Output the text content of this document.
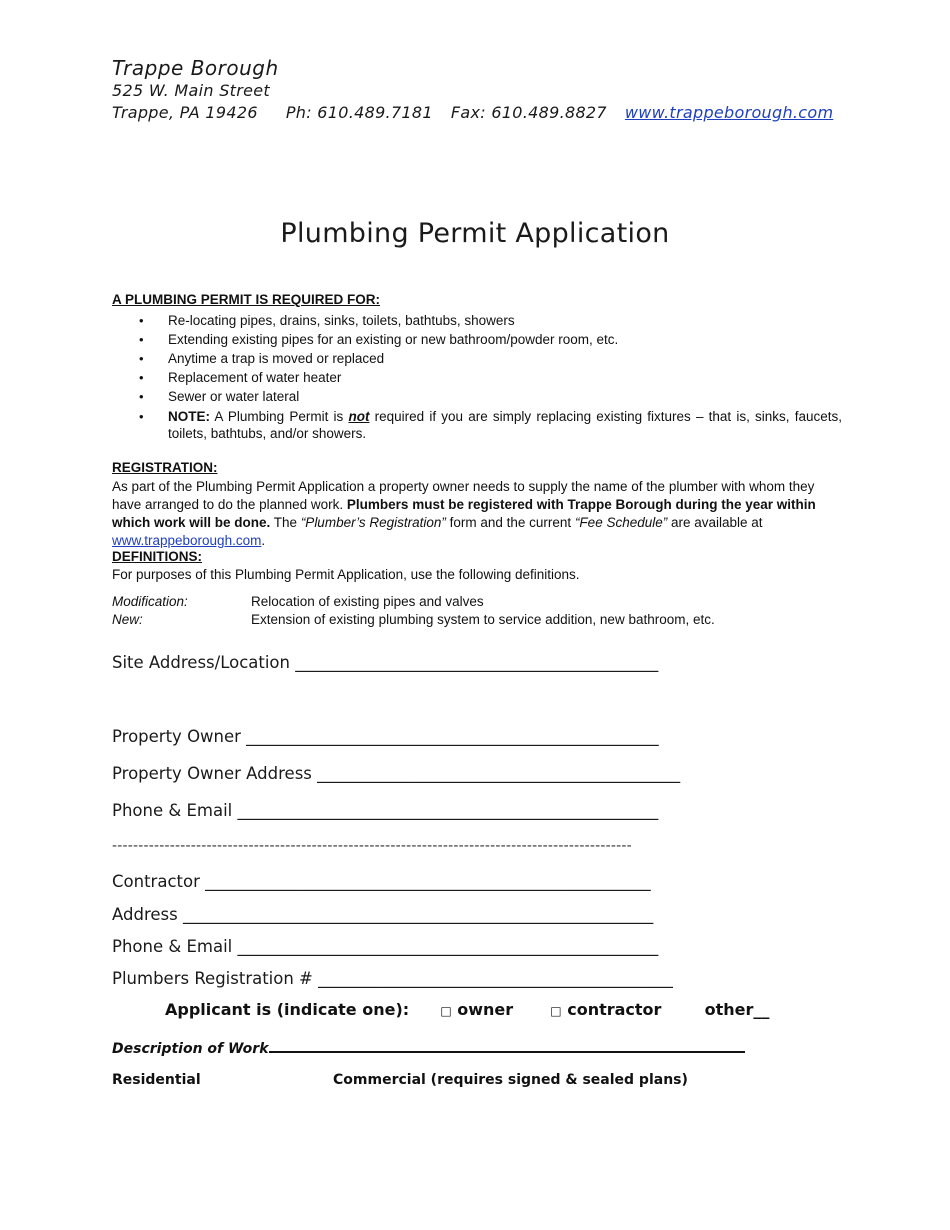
Trappe Borough
525 W. Main Street
Trappe, PA 19426 Ph: 610.489.7181 Fax: 610.489.8827 www.trappeborough.com
Plumbing Permit Application
A PLUMBING PERMIT IS REQUIRED FOR:
• Re-locating pipes, drains, sinks, toilets, bathtubs, showers
• Extending existing pipes for an existing or new bathroom/powder room, etc.
• Anytime a trap is moved or replaced
• Replacement of water heater
• Sewer or water lateral
• NOTE: A Plumbing Permit is not required if you are simply replacing existing fixtures – that is, sinks, faucets, toilets, bathtubs, and/or showers.
REGISTRATION:
As part of the Plumbing Permit Application a property owner needs to supply the name of the plumber with whom they have arranged to do the planned work. Plumbers must be registered with Trappe Borough during the year within which work will be done. The “Plumber’s Registration” form and the current “Fee Schedule” are available at www.trappeborough.com.
DEFINITIONS:
For purposes of this Plumbing Permit Application, use the following definitions.
Modification:	Relocation of existing pipes and valves
New:	Extension of existing plumbing system to service addition, new bathroom, etc.
Site Address/Location ____________________________________________
Property Owner __________________________________________________
Property Owner Address ____________________________________________
Phone & Email ___________________________________________________
---------------------------------------------------------------------------------------------------
Contractor ______________________________________________________
Address _________________________________________________________
Phone & Email ___________________________________________________
Plumbers Registration # ___________________________________________
Applicant is (indicate one):	□ owner	□ contractor	other__
Description of Work
Residential	Commercial (requires signed & sealed plans)
